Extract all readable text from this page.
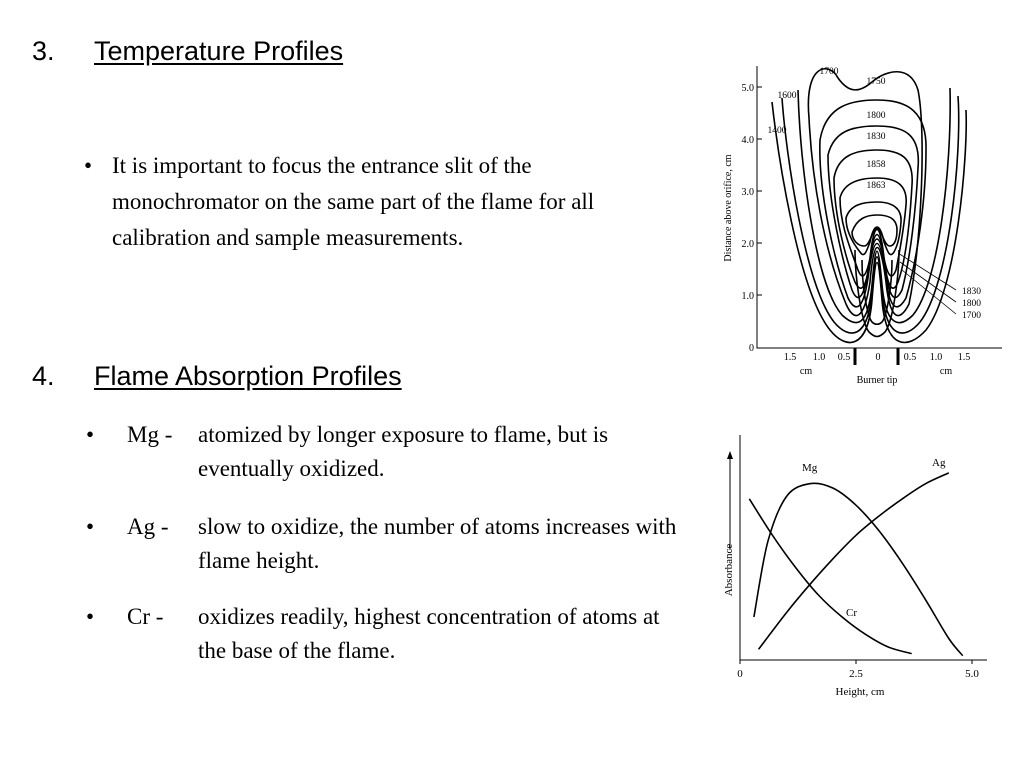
3. Temperature Profiles
• It is important to focus the entrance slit of the monochromator on the same part of the flame for all calibration and sample measurements.
4. Flame Absorption Profiles
• Mg - atomized by longer exposure to flame, but is eventually oxidized.
• Ag - slow to oxidize, the number of atoms increases with flame height.
• Cr - oxidizes readily, highest concentration of atoms at the base of the flame.
5.0
4.0
3.0
2.0
1.0
0
Distance above orifice, cm
1.5 1.0 0.5	0 0.5 1.0 1.5
cm	cm
Burner tip
1700
1750
1600
1400
1800
1830
1858
1863
1830
1800
1700
Absorbance
0	2.5	5.0
Height, cm
Mg	Ag
Cr
